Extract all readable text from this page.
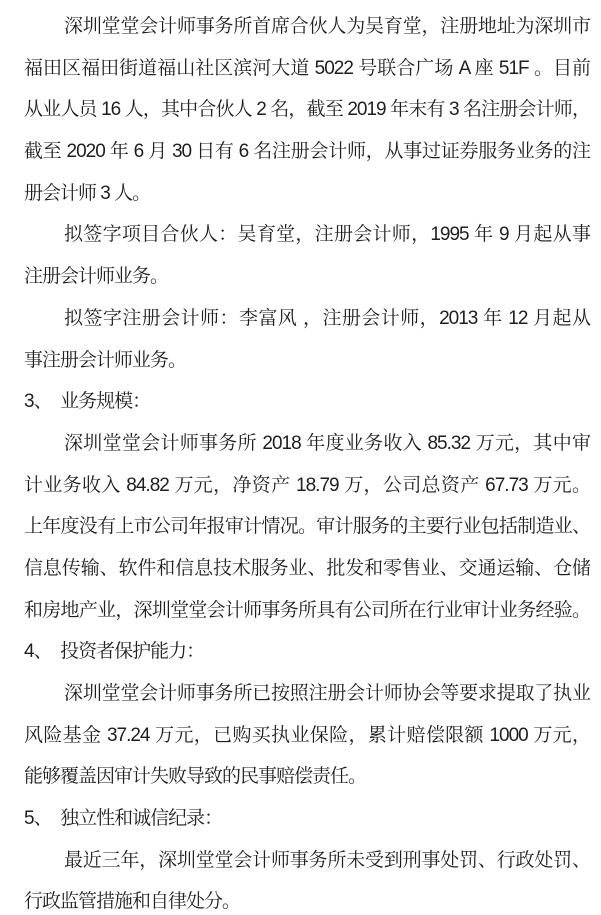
深圳堂堂会计师事务所首席合伙人为吴育堂，注册地址为深圳市
福田区福田街道福山社区滨河大道 5022 号联合广场 A 座 51F 。目前
从业人员 16 人，其中合伙人 2 名，截至 2019 年末有 3 名注册会计师，
截至 2020 年 6 月 30 日有 6 名注册会计师，从事过证券服务业务的注
册会计师 3 人。
拟签字项目合伙人：吴育堂，注册会计师，1995 年 9 月起从事
注册会计师业务。
拟签字注册会计师：李富风 ，注册会计师，2013 年 12 月起从
事注册会计师业务。
3、　业务规模：
深圳堂堂会计师事务所 2018 年度业务收入 85.32 万元，其中审
计业务收入 84.82 万元，净资产 18.79 万，公司总资产 67.73 万元。
上年度没有上市公司年报审计情况。审计服务的主要行业包括制造业、
信息传输、软件和信息技术服务业、批发和零售业、交通运输、仓储
和房地产业，深圳堂堂会计师事务所具有公司所在行业审计业务经验。
4、　投资者保护能力：
深圳堂堂会计师事务所已按照注册会计师协会等要求提取了执业
风险基金 37.24 万元，已购买执业保险，累计赔偿限额 1000 万元，
能够覆盖因审计失败导致的民事赔偿责任。
5、　独立性和诚信纪录：
最近三年，深圳堂堂会计师事务所未受到刑事处罚、行政处罚、
行政监管措施和自律处分。
